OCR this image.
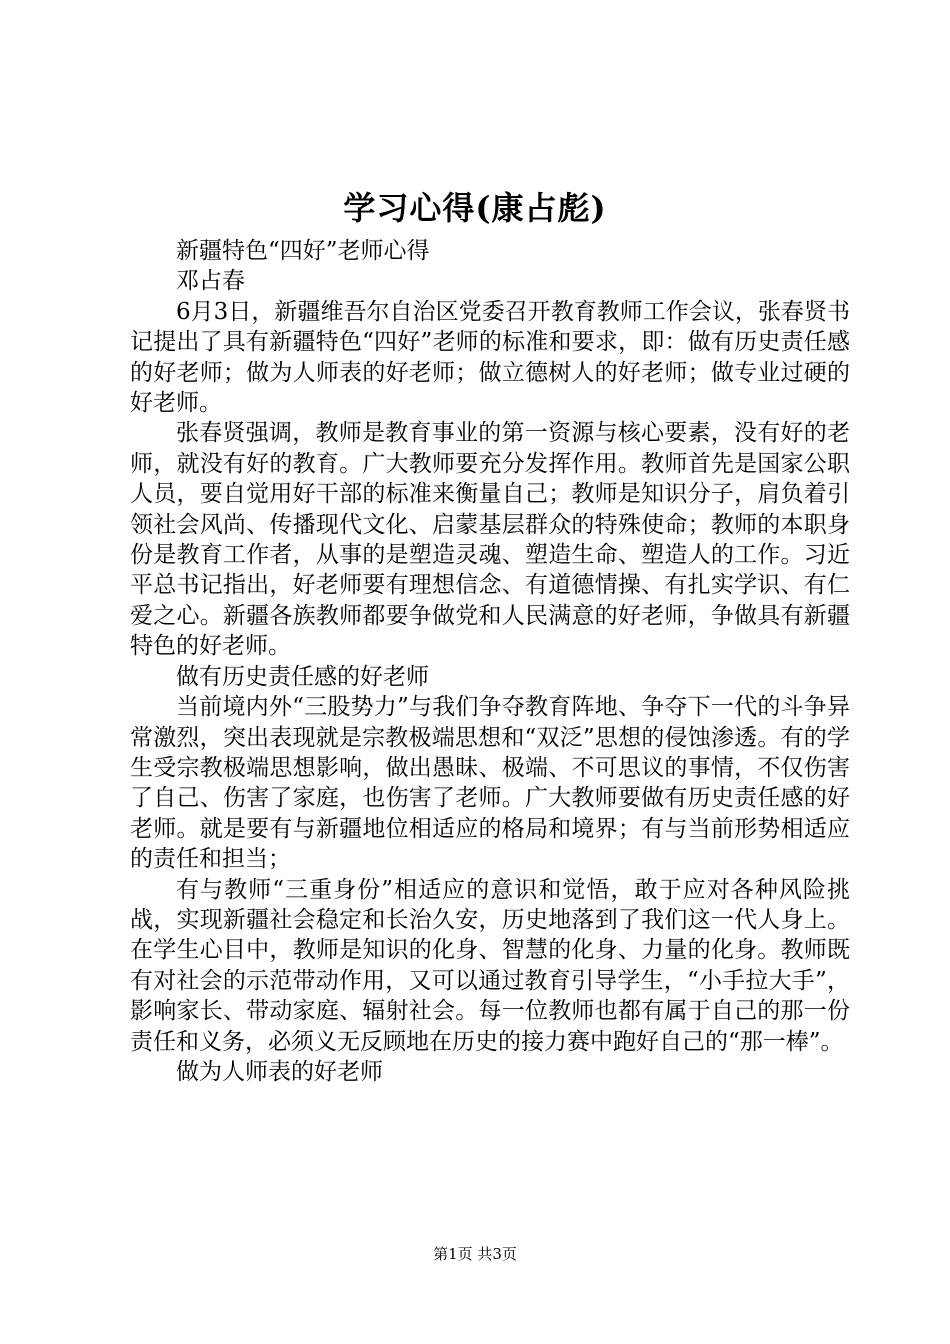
学习心得(康占彪)

新疆特色“四好”老师心得

邓占春

6月3日，新疆维吾尔自治区党委召开教育教师工作会议，张春贤书记提出了具有新疆特色“四好”老师的标准和要求，即：做有历史责任感的好老师；做为人师表的好老师；做立德树人的好老师；做专业过硬的好老师。

张春贤强调，教师是教育事业的第一资源与核心要素，没有好的老师，就没有好的教育。广大教师要充分发挥作用。教师首先是国家公职人员，要自觉用好干部的标准来衡量自己；教师是知识分子，肩负着引领社会风尚、传播现代文化、启蒙基层群众的特殊使命；教师的本职身份是教育工作者，从事的是塑造灵魂、塑造生命、塑造人的工作。习近平总书记指出，好老师要有理想信念、有道德情操、有扎实学识、有仁爱之心。新疆各族教师都要争做党和人民满意的好老师，争做具有新疆特色的好老师。

做有历史责任感的好老师

当前境内外“三股势力”与我们争夺教育阵地、争夺下一代的斗争异常激烈，突出表现就是宗教极端思想和“双泛”思想的侵蚀渗透。有的学生受宗教极端思想影响，做出愚昧、极端、不可思议的事情，不仅伤害了自己、伤害了家庭，也伤害了老师。广大教师要做有历史责任感的好老师。就是要有与新疆地位相适应的格局和境界；有与当前形势相适应的责任和担当；

有与教师“三重身份”相适应的意识和觉悟，敢于应对各种风险挑战，实现新疆社会稳定和长治久安，历史地落到了我们这一代人身上。在学生心目中，教师是知识的化身、智慧的化身、力量的化身。教师既有对社会的示范带动作用，又可以通过教育引导学生，“小手拉大手”，影响家长、带动家庭、辐射社会。每一位教师也都有属于自己的那一份责任和义务，必须义无反顾地在历史的接力赛中跑好自己的“那一棒”。

做为人师表的好老师

第1页 共3页
